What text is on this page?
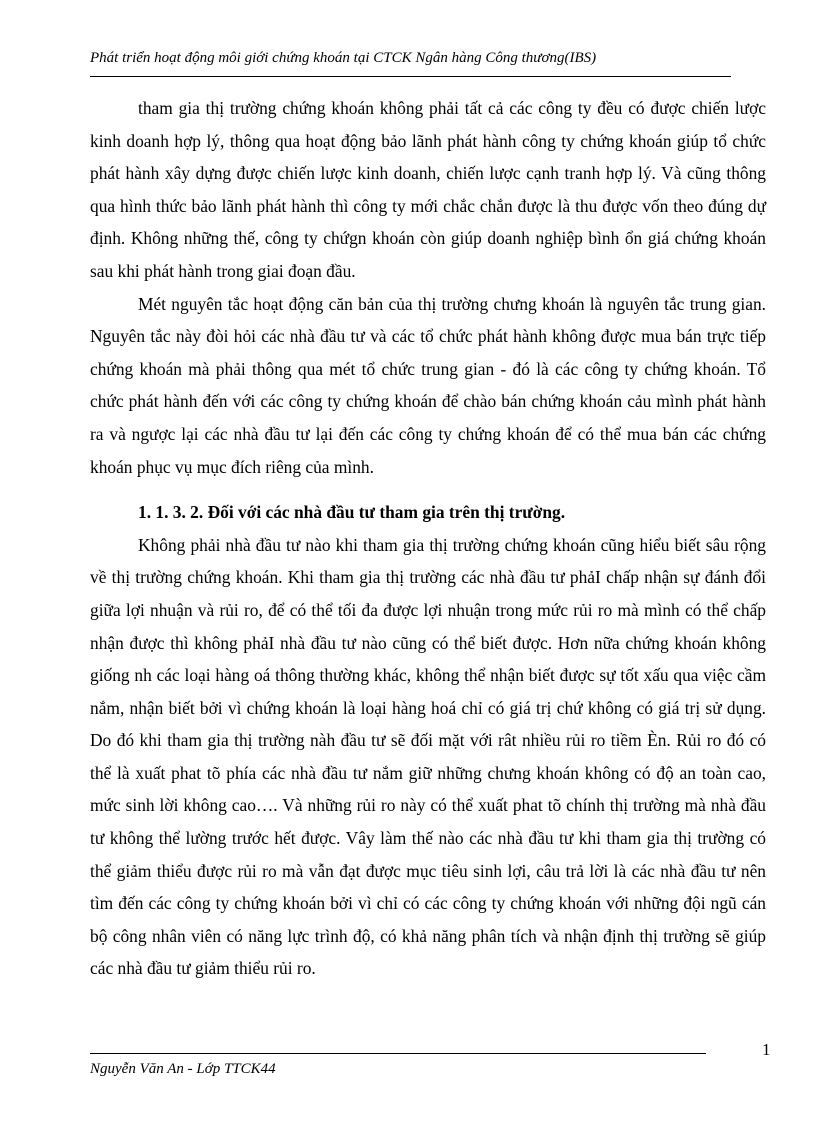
Phát triển hoạt động môi giới chứng khoán tại CTCK Ngân hàng Công thương(IBS)

tham gia thị trường chứng khoán không phải tất cả các công ty đều có được chiến lược kinh doanh hợp lý, thông qua hoạt động bảo lãnh phát hành công ty chứng khoán giúp tổ chức phát hành xây dựng được chiến lược kinh doanh, chiến lược cạnh tranh hợp lý. Và cũng thông qua hình thức bảo lãnh phát hành thì công ty mới chắc chắn được là thu được vốn theo đúng dự định. Không những thế, công ty chứgn khoán còn giúp doanh nghiệp bình ổn giá chứng khoán sau khi phát hành trong giai đoạn đầu.

Mét nguyên tắc hoạt động căn bản của thị trường chưng khoán là nguyên tắc trung gian. Nguyên tắc này đòi hỏi các nhà đầu tư và các tổ chức phát hành không được mua bán trực tiếp chứng khoán mà phải thông qua mét tổ chức trung gian - đó là các công ty chứng khoán. Tổ chức phát hành đến với các công ty chứng khoán để chào bán chứng khoán cảu mình phát hành ra và ngược lại các nhà đầu tư lại đến các công ty chứng khoán để có thể mua bán các chứng khoán phục vụ mục đích riêng của mình.

1. 1. 3. 2. Đối với các nhà đầu tư tham gia trên thị trường.

Không phải nhà đầu tư nào khi tham gia thị trường chứng khoán cũng hiểu biết sâu rộng về thị trường chứng khoán. Khi tham gia thị trường các nhà đầu tư phảI chấp nhận sự đánh đổi giữa lợi nhuận và rủi ro, để có thể tối đa được lợi nhuận trong mức rủi ro mà mình có thể chấp nhận được thì không phảI nhà đầu tư nào cũng có thể biết được. Hơn nữa chứng khoán không giống nh các loại hàng oá thông thường khác, không thể nhận biết được sự tốt xấu qua việc cầm nắm, nhận biết bởi vì chứng khoán là loại hàng hoá chỉ có giá trị chứ không có giá trị sử dụng. Do đó khi tham gia thị trường nàh đầu tư sẽ đối mặt với rât nhiều rủi ro tiềm Èn. Rủi ro đó có thể là xuất phat tõ phía các nhà đầu tư nắm giữ những chưng khoán không có độ an toàn cao, mức sinh lời không cao…. Và những rủi ro này có thể xuất phat tõ chính thị trường mà nhà đầu tư không thể lường trước hết được. Vây làm thế nào các nhà đầu tư khi tham gia thị trường có thể giảm thiểu được rủi ro mà vẫn đạt được mục tiêu sinh lợi, câu trả lời là các nhà đầu tư nên tìm đến các công ty chứng khoán bởi vì chỉ có các công ty chứng khoán với những đội ngũ cán bộ công nhân viên có năng lực trình độ, có khả năng phân tích và nhận định thị trường sẽ giúp các nhà đầu tư giảm thiểu rủi ro.

1
Nguyễn Văn An - Lớp TTCK44
